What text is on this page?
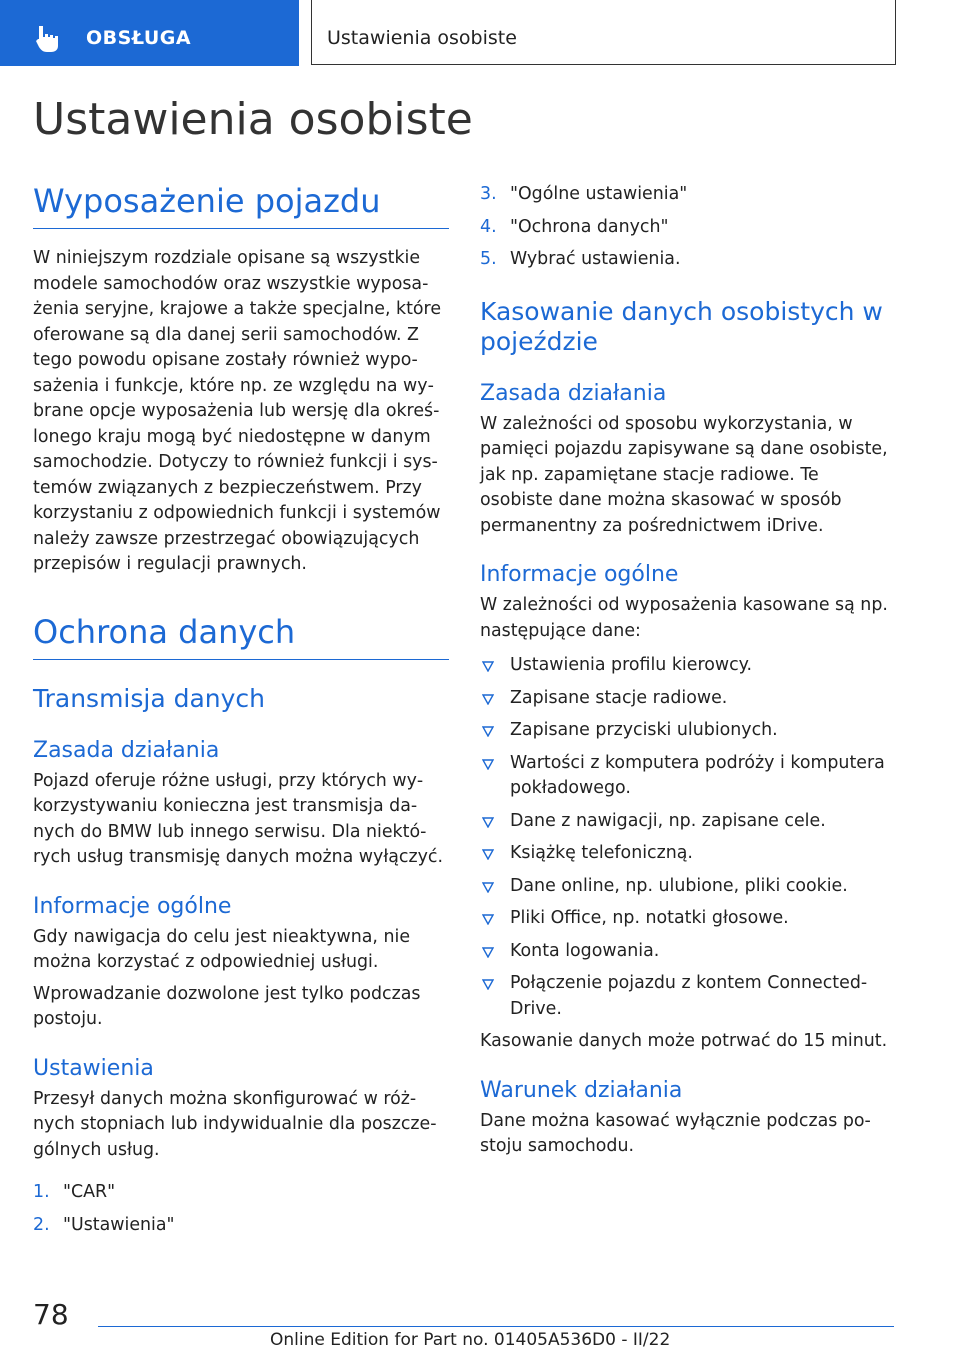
OBSŁUGA	Ustawienia osobiste
Ustawienia osobiste
Wyposażenie pojazdu

W niniejszym rozdziale opisane są wszystkie modele samochodów oraz wszystkie wyposażenia seryjne, krajowe a także specjalne, które oferowane są dla danej serii samochodów. Z tego powodu opisane zostały również wyposażenia i funkcje, które np. ze względu na wybrane opcje wyposażenia lub wersję dla określonego kraju mogą być niedostępne w danym samochodzie. Dotyczy to również funkcji i systemów związanych z bezpieczeństwem. Przy korzystaniu z odpowiednich funkcji i systemów należy zawsze przestrzegać obowiązujących przepisów i regulacji prawnych.

Ochrona danych
Transmisja danych
Zasada działania

Pojazd oferuje różne usługi, przy których wykorzystywaniu konieczna jest transmisja danych do BMW lub innego serwisu. Dla niektórych usług transmisję danych można wyłączyć.

Informacje ogólne

Gdy nawigacja do celu jest nieaktywna, nie można korzystać z odpowiedniej usługi.

Wprowadzanie dozwolone jest tylko podczas postoju.

Ustawienia

Przesył danych można skonfigurować w różnych stopniach lub indywidualnie dla poszczególnych usług.

1. "CAR"
2. "Ustawienia"
3. "Ogólne ustawienia"
4. "Ochrona danych"
5. Wybrać ustawienia.
Kasowanie danych osobistych w pojeździe
Zasada działania

W zależności od sposobu wykorzystania, w pamięci pojazdu zapisywane są dane osobiste, jak np. zapamiętane stacje radiowe. Te osobiste dane można skasować w sposób permanentny za pośrednictwem iDrive.

Informacje ogólne

W zależności od wyposażenia kasowane są np. następujące dane:

Ustawienia profilu kierowcy.
Zapisane stacje radiowe.
Zapisane przyciski ulubionych.
Wartości z komputera podróży i komputera pokładowego.
Dane z nawigacji, np. zapisane cele.
Książkę telefoniczną.
Dane online, np. ulubione, pliki cookie.
Pliki Office, np. notatki głosowe.
Konta logowania.
Połączenie pojazdu z kontem ConnectedDrive.

Kasowanie danych może potrwać do 15 minut.

Warunek działania

Dane można kasować wyłącznie podczas postoju samochodu.

78
Online Edition for Part no. 01405A536D0 - II/22
